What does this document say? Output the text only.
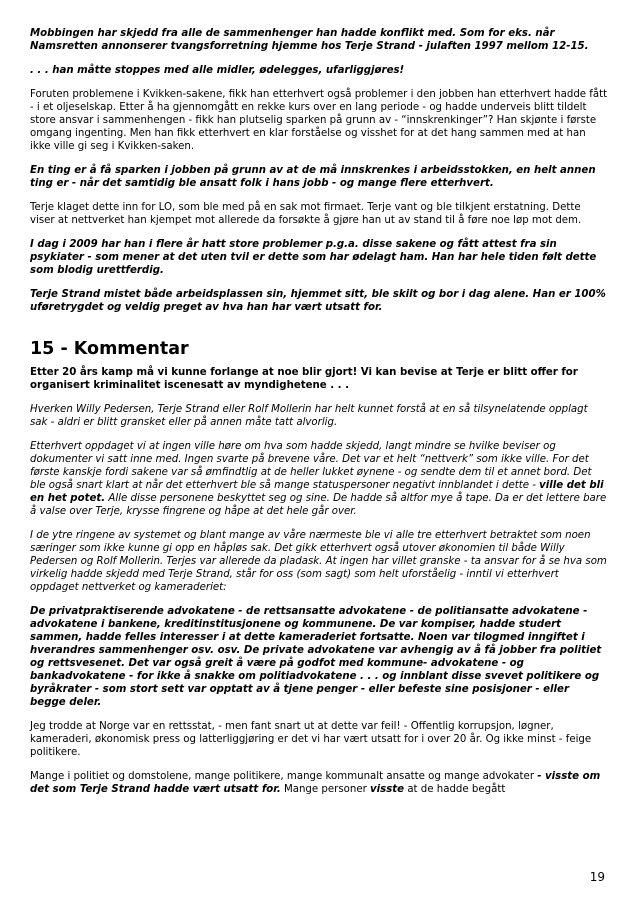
Mobbingen har skjedd fra alle de sammenhenger han hadde konflikt med. Som for eks. når Namsretten annonserer tvangsforretning hjemme hos Terje Strand - julaften 1997 mellom 12-15.

. . . han måtte stoppes med alle midler, ødelegges, ufarliggjøres!

Foruten problemene i Kvikken-sakene, fikk han etterhvert også problemer i den jobben han etterhvert hadde fått - i et oljeselskap. Etter å ha gjennomgått en rekke kurs over en lang periode - og hadde underveis blitt tildelt store ansvar i sammenhengen - fikk han plutselig sparken på grunn av - “innskrenkinger”? Han skjønte i første omgang ingenting. Men han fikk etterhvert en klar forståelse og visshet for at det hang sammen med at han ikke ville gi seg i Kvikken-saken.

En ting er å få sparken i jobben på grunn av at de må innskrenkes i arbeidsstokken, en helt annen ting er - når det samtidig ble ansatt folk i hans jobb - og mange flere etterhvert.

Terje klaget dette inn for LO, som ble med på en sak mot firmaet. Terje vant og ble tilkjent erstatning. Dette viser at nettverket han kjempet mot allerede da forsøkte å gjøre han ut av stand til å føre noe løp mot dem.

I dag i 2009 har han i flere år hatt store problemer p.g.a. disse sakene og fått attest fra sin psykiater - som mener at det uten tvil er dette som har ødelagt ham. Han har hele tiden følt dette som blodig urettferdig.

Terje Strand mistet både arbeidsplassen sin, hjemmet sitt, ble skilt og bor i dag alene. Han er 100% uføretrygdet og veldig preget av hva han har vært utsatt for.

15 - Kommentar

Etter 20 års kamp må vi kunne forlange at noe blir gjort! Vi kan bevise at Terje er blitt offer for organisert kriminalitet iscenesatt av myndighetene . . .

Hverken Willy Pedersen, Terje Strand eller Rolf Mollerin har helt kunnet forstå at en så tilsynelatende opplagt sak - aldri er blitt gransket eller på annen måte tatt alvorlig.

Etterhvert oppdaget vi at ingen ville høre om hva som hadde skjedd, langt mindre se hvilke beviser og dokumenter vi satt inne med. Ingen svarte på brevene våre. Det var et helt “nettverk” som ikke ville. For det første kanskje fordi sakene var så ømfindtlig at de heller lukket øynene - og sendte dem til et annet bord. Det ble også snart klart at når det etterhvert ble så mange statuspersoner negativt innblandet i dette - ville det bli en het potet. Alle disse personene beskyttet seg og sine. De hadde så altfor mye å tape. Da er det lettere bare å valse over Terje, krysse fingrene og håpe at det hele går over.

I de ytre ringene av systemet og blant mange av våre nærmeste ble vi alle tre etterhvert betraktet som noen særinger som ikke kunne gi opp en håpløs sak. Det gikk etterhvert også utover økonomien til både Willy Pedersen og Rolf Mollerin. Terjes var allerede da pladask. At ingen har villet granske - ta ansvar for å se hva som virkelig hadde skjedd med Terje Strand, står for oss (som sagt) som helt uforståelig - inntil vi etterhvert oppdaget nettverket og kameraderiet:

De privatpraktiserende advokatene - de rettsansatte advokatene - de politiansatte advokatene - advokatene i bankene, kreditinstitusjonene og kommunene. De var kompiser, hadde studert sammen, hadde felles interesser i at dette kameraderiet fortsatte. Noen var tilogmed inngiftet i hverandres sammenhenger osv. osv. De private advokatene var avhengig av å få jobber fra politiet og rettsvesenet. Det var også greit å være på godfot med kommune- advokatene - og bankadvokatene - for ikke å snakke om politiadvokatene . . . og innblant disse svevet politikere og byråkrater - som stort sett var opptatt av å tjene penger - eller befeste sine posisjoner - eller begge deler.

Jeg trodde at Norge var en rettsstat, - men fant snart ut at dette var feil! - Offentlig korrupsjon, løgner, kameraderi, økonomisk press og latterliggjøring er det vi har vært utsatt for i over 20 år. Og ikke minst - feige politikere.

Mange i politiet og domstolene, mange politikere, mange kommunalt ansatte og mange advokater - visste om det som Terje Strand hadde vært utsatt for. Mange personer visste at de hadde begått

19
